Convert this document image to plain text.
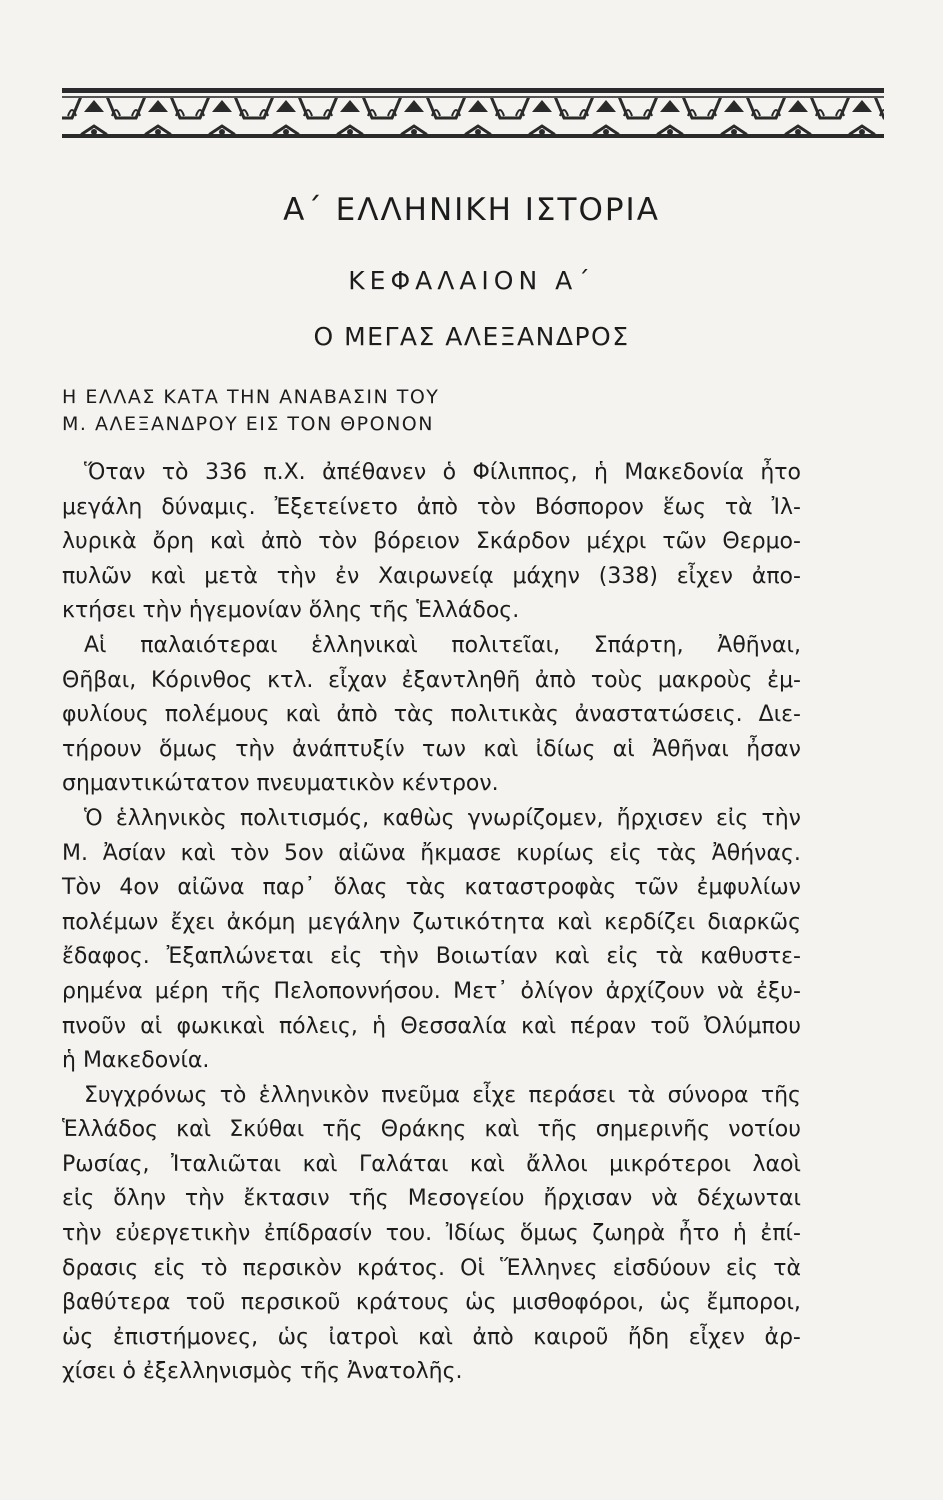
Α΄ ΕΛΛΗΝΙΚΗ ΙΣΤΟΡΙΑ
ΚΕΦΑΛΑΙΟΝ Α΄
Ο ΜΕΓΑΣ ΑΛΕΞΑΝΔΡΟΣ
Η ΕΛΛΑΣ ΚΑΤΑ ΤΗΝ ΑΝΑΒΑΣΙΝ ΤΟΥ
Μ. ΑΛΕΞΑΝΔΡΟΥ ΕΙΣ ΤΟΝ ΘΡΟΝΟΝ
Ὅταν τὸ 336 π.Χ. ἀπέθανεν ὁ Φίλιππος, ἡ Μακεδονία ἦτο
μεγάλη δύναμις. Ἐξετείνετο ἀπὸ τὸν Βόσπορον ἕως τὰ Ἰλ-
λυρικὰ ὄρη καὶ ἀπὸ τὸν βόρειον Σκάρδον μέχρι τῶν Θερμο-
πυλῶν καὶ μετὰ τὴν ἐν Χαιρωνείᾳ μάχην (338) εἶχεν ἀπο-
κτήσει τὴν ἡγεμονίαν ὅλης τῆς Ἑλλάδος.
Αἱ παλαιότεραι ἑλληνικαὶ πολιτεῖαι, Σπάρτη, Ἀθῆναι,
Θῆβαι, Κόρινθος κτλ. εἶχαν ἐξαντληθῆ ἀπὸ τοὺς μακροὺς ἐμ-
φυλίους πολέμους καὶ ἀπὸ τὰς πολιτικὰς ἀναστατώσεις. Διε-
τήρουν ὅμως τὴν ἀνάπτυξίν των καὶ ἰδίως αἱ Ἀθῆναι ἦσαν
σημαντικώτατον πνευματικὸν κέντρον.
Ὁ ἑλληνικὸς πολιτισμός, καθὼς γνωρίζομεν, ἤρχισεν εἰς τὴν
Μ. Ἀσίαν καὶ τὸν 5ον αἰῶνα ἤκμασε κυρίως εἰς τὰς Ἀθήνας.
Τὸν 4ον αἰῶνα παρ᾽ ὅλας τὰς καταστροφὰς τῶν ἐμφυλίων
πολέμων ἔχει ἀκόμη μεγάλην ζωτικότητα καὶ κερδίζει διαρκῶς
ἔδαφος. Ἐξαπλώνεται εἰς τὴν Βοιωτίαν καὶ εἰς τὰ καθυστε-
ρημένα μέρη τῆς Πελοποννήσου. Μετ᾽ ὀλίγον ἀρχίζουν νὰ ἐξυ-
πνοῦν αἱ φωκικαὶ πόλεις, ἡ Θεσσαλία καὶ πέραν τοῦ Ὀλύμπου
ἡ Μακεδονία.
Συγχρόνως τὸ ἑλληνικὸν πνεῦμα εἶχε περάσει τὰ σύνορα τῆς
Ἑλλάδος καὶ Σκύθαι τῆς Θράκης καὶ τῆς σημερινῆς νοτίου
Ρωσίας, Ἰταλιῶται καὶ Γαλάται καὶ ἄλλοι μικρότεροι λαοὶ
εἰς ὅλην τὴν ἔκτασιν τῆς Μεσογείου ἤρχισαν νὰ δέχωνται
τὴν εὐεργετικὴν ἐπίδρασίν του. Ἰδίως ὅμως ζωηρὰ ἦτο ἡ ἐπί-
δρασις εἰς τὸ περσικὸν κράτος. Οἱ Ἕλληνες εἰσδύουν εἰς τὰ
βαθύτερα τοῦ περσικοῦ κράτους ὡς μισθοφόροι, ὡς ἔμποροι,
ὡς ἐπιστήμονες, ὡς ἰατροὶ καὶ ἀπὸ καιροῦ ἤδη εἶχεν ἀρ-
χίσει ὁ ἐξελληνισμὸς τῆς Ἀνατολῆς.
